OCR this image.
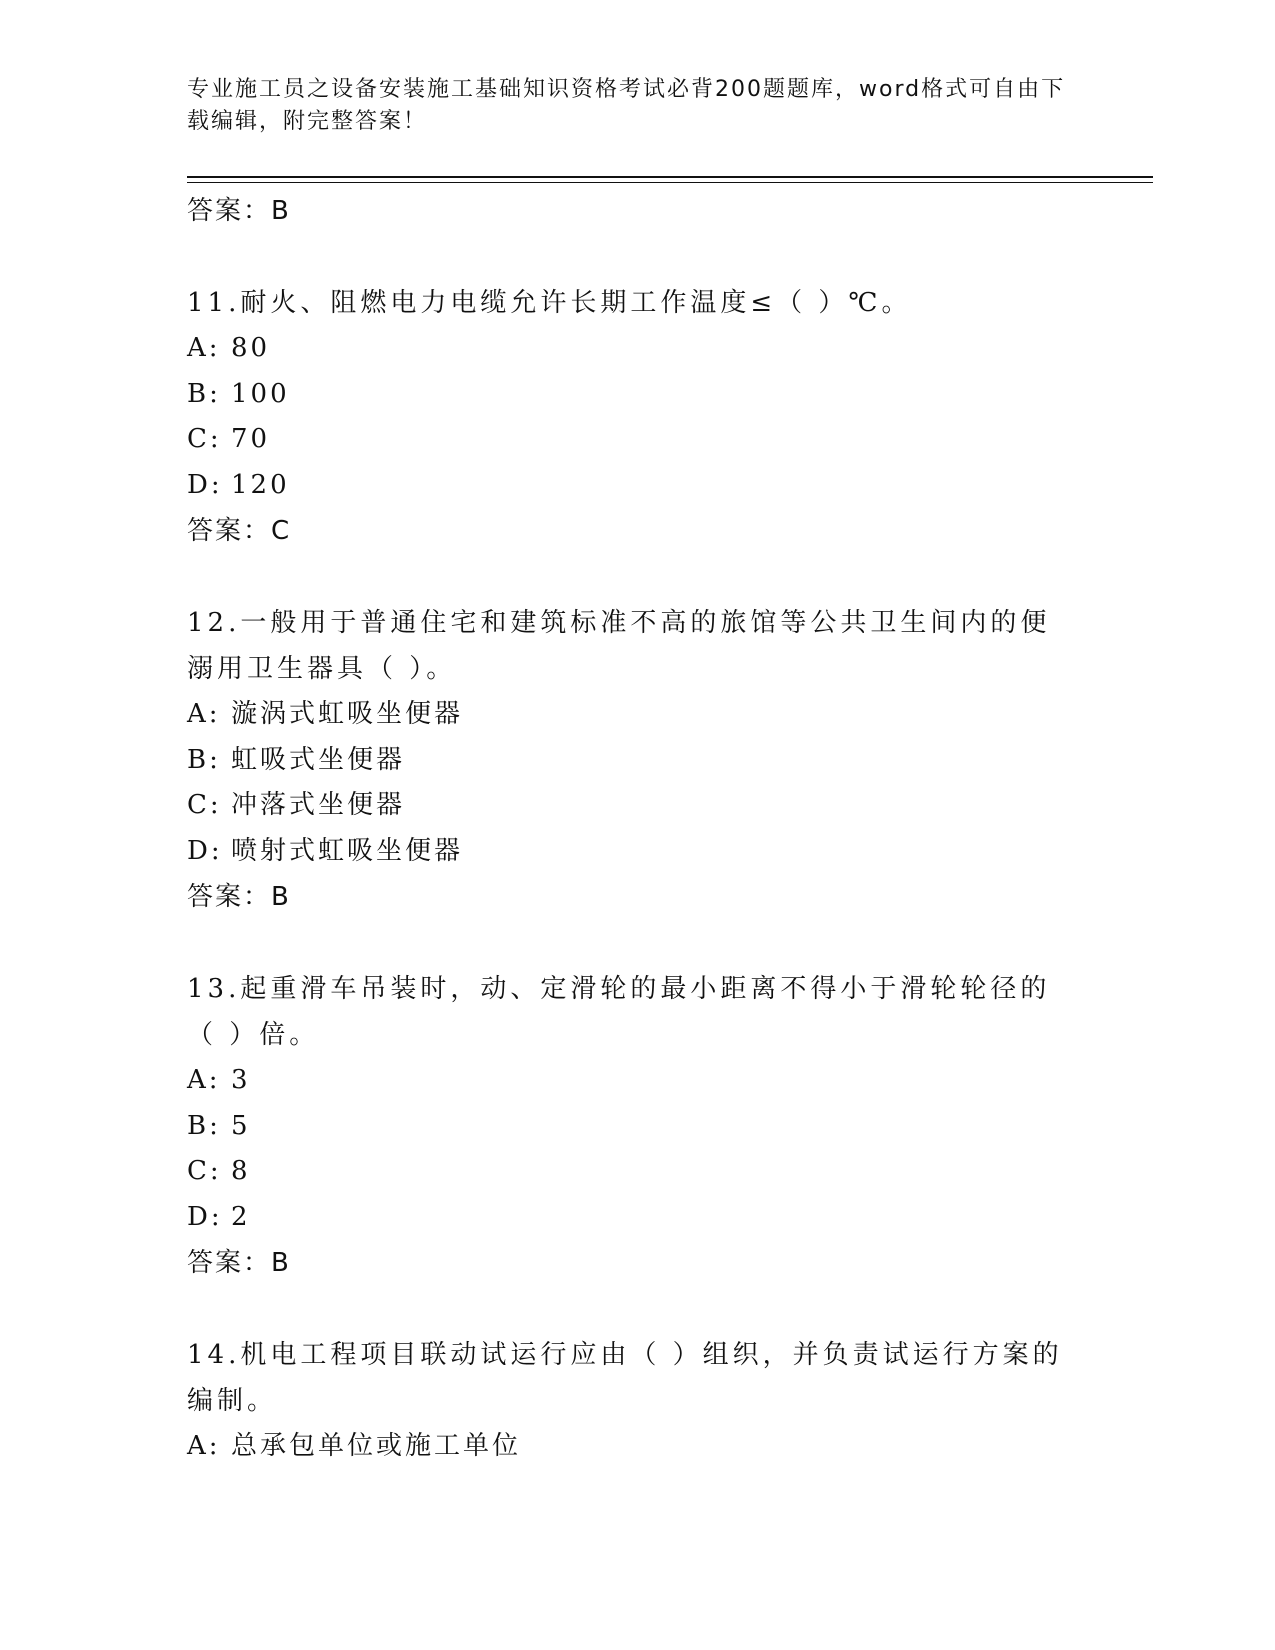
专业施工员之设备安装施工基础知识资格考试必背200题题库，word格式可自由下载编辑，附完整答案！
答案：B
11.耐火、阻燃电力电缆允许长期工作温度≤（ ）℃。
A: 80
B: 100
C: 70
D: 120
答案：C
12.一般用于普通住宅和建筑标准不高的旅馆等公共卫生间内的便溺用卫生器具（ ）。
A: 漩涡式虹吸坐便器
B: 虹吸式坐便器
C: 冲落式坐便器
D: 喷射式虹吸坐便器
答案：B
13.起重滑车吊装时，动、定滑轮的最小距离不得小于滑轮轮径的（ ）倍。
A: 3
B: 5
C: 8
D: 2
答案：B
14.机电工程项目联动试运行应由（ ）组织，并负责试运行方案的编制。
A: 总承包单位或施工单位
